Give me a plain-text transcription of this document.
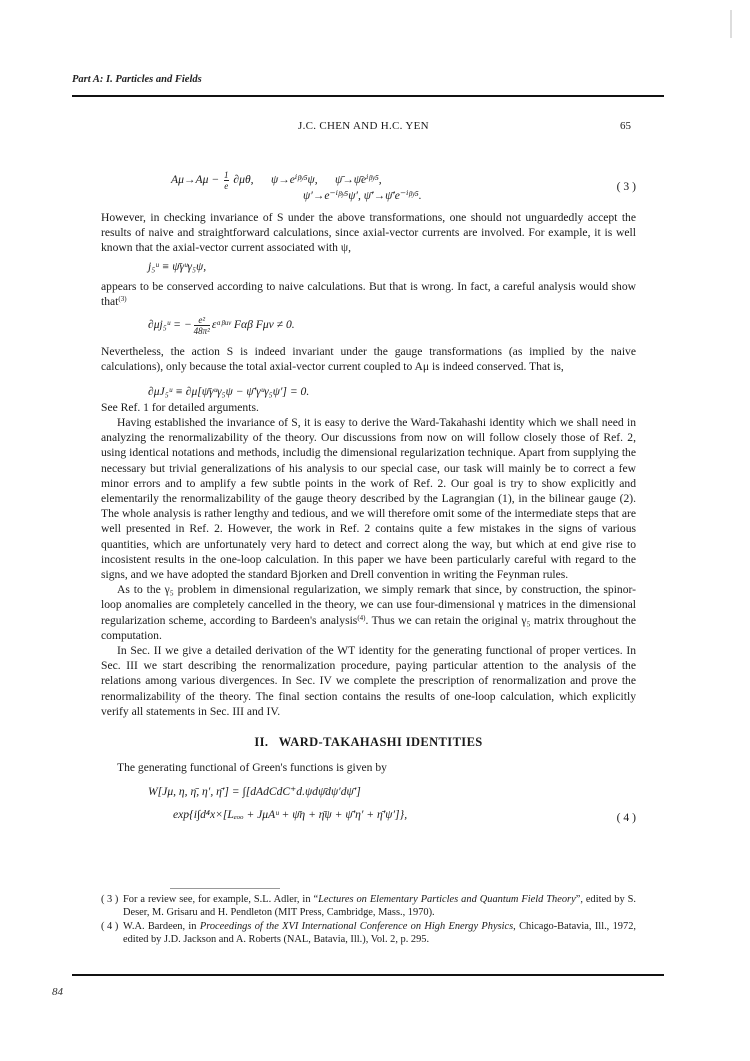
Part A: I. Particles and Fields
J.C. CHEN AND H.C. YEN	65
$A\mu\to A\mu - \frac{1}{e} \partial\mu\theta$,      ψ→eⁱᵝʸ⁵ψ,      ψ̄→ψ̄eⁱᵝʸ⁵,
ψ′→e⁻ⁱᵝʸ⁵ψ′, ψ̄′→ψ̄′e⁻ⁱᵝʸ⁵.
( 3 )

However, in checking invariance of S under the above transformations, one should not unguardedly accept the results of naive and straightforward calculations, since axial-vector currents are involved. For example, it is well known that the axial-vector current associated with ψ,

j₅ᵘ ≡ ψ̄γᵘγ₅ψ,

appears to be conserved according to naive calculations. But that is wrong. In fact, a careful analysis would show that$^{(3)}$

∂μj₅ᵘ = − $\frac{\text{e²}}{\text{48π²}}$ εᵅᵝᵘᵛ Fαβ Fμν ≠ 0.

Nevertheless, the action S is indeed invariant under the gauge transformations (as implied by the naive calculations), only because the total axial-vector current coupled to Aμ is indeed conserved. That is,

∂μJ₅ᵘ ≡ ∂μ[ψ̄γᵘγ₅ψ − ψ̄′γᵘγ₅ψ′] = 0.

See Ref. 1 for detailed arguments.

Having established the invariance of S, it is easy to derive the Ward-Takahashi identity which we shall need in analyzing the renormalizability of the theory. Our discussions from now on will follow closely those of Ref. 2, using identical notations and methods, includig the dimensional regularization technique. Apart from supplying the necessary but trivial generalizations of his analysis to our special case, our task will mainly be to correct a few minor errors and to amplify a few subtle points in the work of Ref. 2. Our goal is try to show explicitly and elementarily the renormalizability of the gauge theory described by the Lagrangian (1), in the bilinear gauge (2). The whole analysis is rather lengthy and tedious, and we will therefore omit some of the intermediate steps that are well presented in Ref. 2. However, the work in Ref. 2 contains quite a few mistakes in the signs of various quantities, which are unfortunately very hard to detect and correct along the way, but which at end give rise to incosistent results in the one-loop calculation. In this paper we have been particularly careful with regard to the signs, and we have adopted the standard Bjorken and Drell convention in writing the Feynman rules.

As to the γ₅ problem in dimensional regularization, we simply remark that since, by construction, the spinor-loop anomalies are completely cancelled in the theory, we can use four-dimensional γ matrices in the dimensional regularization scheme, according to Bardeen's analysis$^{(4)}$. Thus we can retain the original γ₅ matrix throughout the computation.

In Sec. II we give a detailed derivation of the WT identity for the generating functional of proper vertices. In Sec. III we start describing the renormalization procedure, paying particular attention to the analysis of the relations among various divergences. In Sec. IV we complete the prescription of renormalization and prove the renormalizability of the theory. The final section contains the results of one-loop calculation, which explicitly verify all statements in Sec. III and IV.

II.   WARD-TAKAHASHI IDENTITIES

The generating functional of Green's functions is given by

W[Jμ, η, η̄, η′, η̄′] = ∫[dAdCdC⁺d.ψdψ̄dψ′dψ̄′]
exp{i∫d⁴x×[Lₑₒₒ + JμAᵘ + ψ̄η + η̄ψ + ψ̄′η′ + η̄′ψ′]},	( 4 )
( 3 ) For a review see, for example, S.L. Adler, in “Lectures on Elementary Particles and Quantum Field Theory”, edited by S. Deser, M. Grisaru and H. Pendleton (MIT Press, Cambridge, Mass., 1970).
( 4 ) W.A. Bardeen, in Proceedings of the XVI International Conference on High Energy Physics, Chicago-Batavia, Ill., 1972, edited by J.D. Jackson and A. Roberts (NAL, Batavia, Ill.), Vol. 2, p. 295.
84
